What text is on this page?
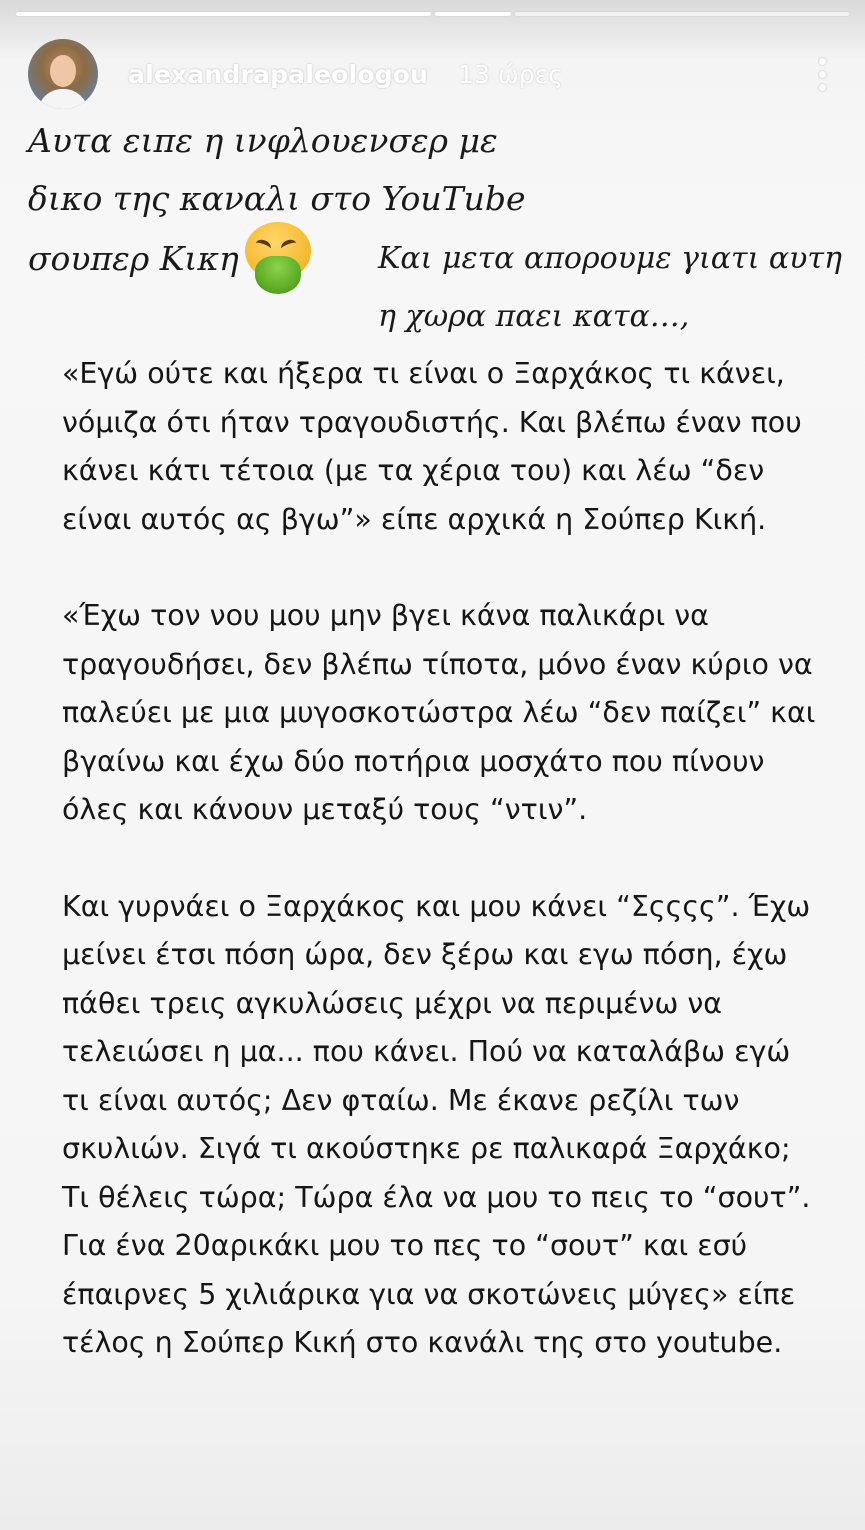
alexandrapaleologou 13 ώρες
Αυτα ειπε η ινφλουενσερ με
δικο της καναλι στο YouTube
σουπερ Κικη	Και μετα απορουμε γιατι αυτη
η χωρα παει κατα…,

«Εγώ ούτε και ήξερα τι είναι ο Ξαρχάκος τι κάνει, νόμιζα ότι ήταν τραγουδιστής. Και βλέπω έναν που κάνει κάτι τέτοια (με τα χέρια του) και λέω “δεν είναι αυτός ας βγω”» είπε αρχικά η Σούπερ Κική.

«Έχω τον νου μου μην βγει κάνα παλικάρι να τραγουδήσει, δεν βλέπω τίποτα, μόνο έναν κύριο να παλεύει με μια μυγοσκοτώστρα λέω “δεν παίζει” και βγαίνω και έχω δύο ποτήρια μοσχάτο που πίνουν όλες και κάνουν μεταξύ τους “ντιν”.

Και γυρνάει ο Ξαρχάκος και μου κάνει “Σςςςς”. Έχω μείνει έτσι πόση ώρα, δεν ξέρω και εγω πόση, έχω πάθει τρεις αγκυλώσεις μέχρι να περιμένω να τελειώσει η μα... που κάνει. Πού να καταλάβω εγώ τι είναι αυτός; Δεν φταίω. Με έκανε ρεζίλι των σκυλιών. Σιγά τι ακούστηκε ρε παλικαρά Ξαρχάκο; Τι θέλεις τώρα; Τώρα έλα να μου το πεις το “σουτ”. Για ένα 20αρικάκι μου το πες το “σουτ” και εσύ έπαιρνες 5 χιλιάρικα για να σκοτώνεις μύγες» είπε τέλος η Σούπερ Κική στο κανάλι της στο youtube.
